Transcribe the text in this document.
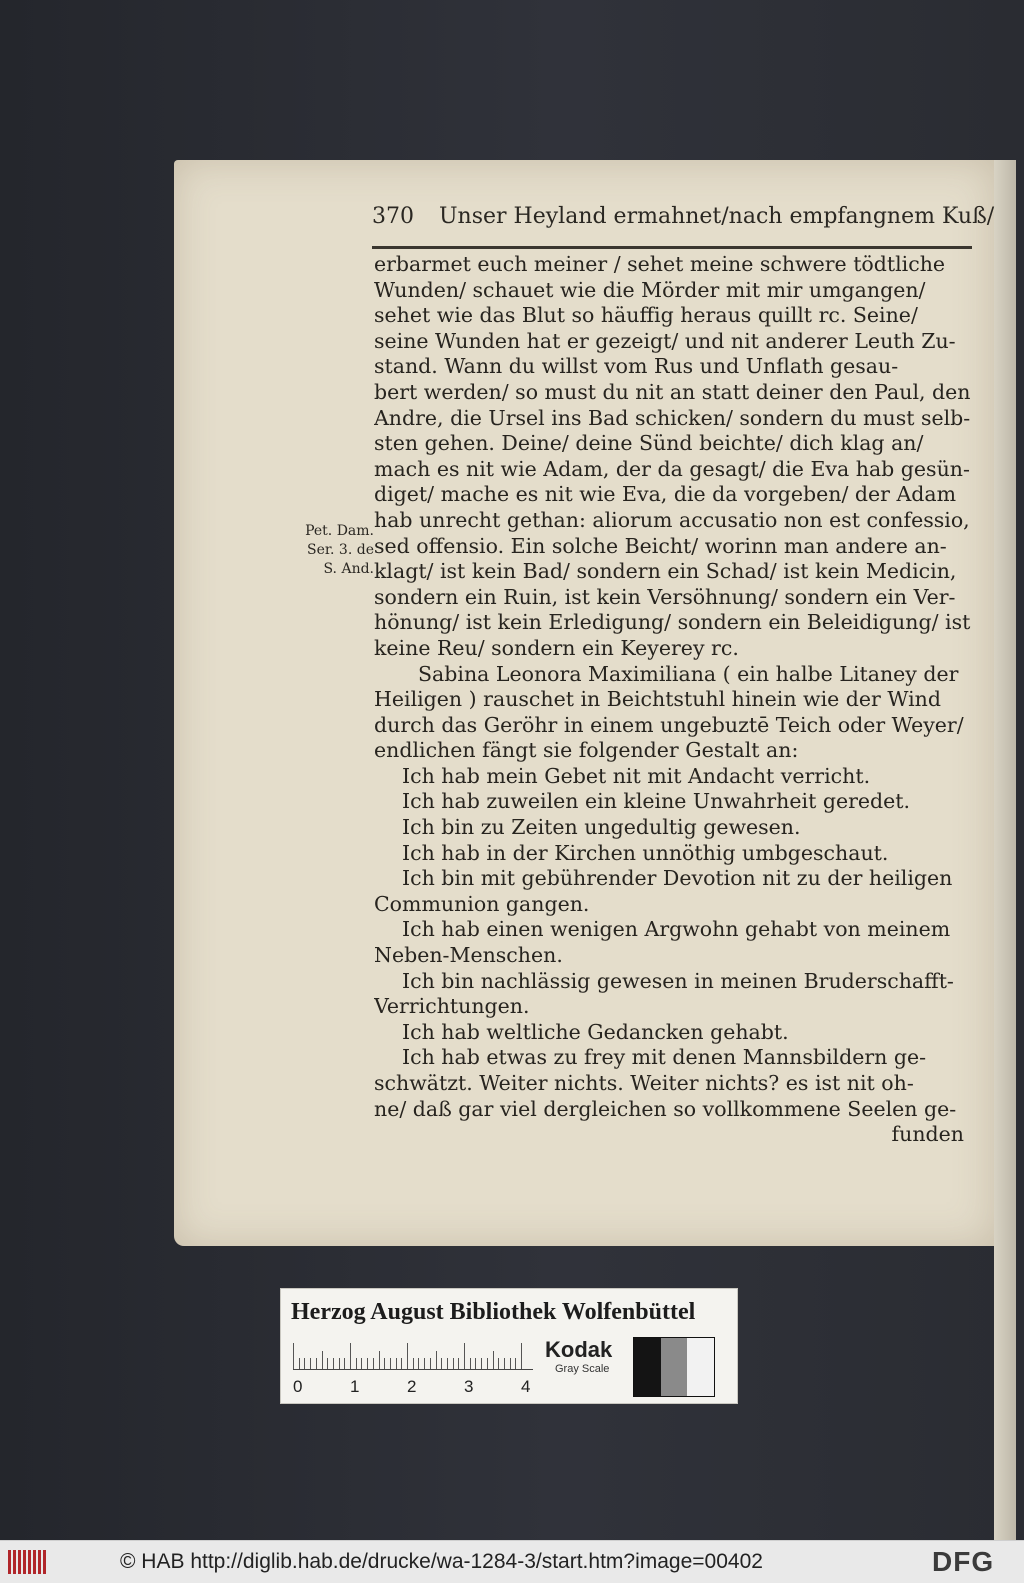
370 Unser Heyland ermahnet/nach empfangnem Kuß/
Pet. Dam.
Ser. 3. de
S. And.
erbarmet euch meiner / sehet meine schwere tödtliche
Wunden/ schauet wie die Mörder mit mir umgangen/
sehet wie das Blut so häuffig heraus quillt rc. Seine/
seine Wunden hat er gezeigt/ und nit anderer Leuth Zu-
stand. Wann du willst vom Rus und Unflath gesau-
bert werden/ so must du nit an statt deiner den Paul, den
Andre, die Ursel ins Bad schicken/ sondern du must selb-
sten gehen. Deine/ deine Sünd beichte/ dich klag an/
mach es nit wie Adam, der da gesagt/ die Eva hab gesün-
diget/ mache es nit wie Eva, die da vorgeben/ der Adam
hab unrecht gethan: aliorum accusatio non est confessio,
sed offensio. Ein solche Beicht/ worinn man andere an-
klagt/ ist kein Bad/ sondern ein Schad/ ist kein Medicin,
sondern ein Ruin, ist kein Versöhnung/ sondern ein Ver-
hönung/ ist kein Erledigung/ sondern ein Beleidigung/ ist
keine Reu/ sondern ein Keyerey rc.
Sabina Leonora Maximiliana ( ein halbe Litaney der
Heiligen ) rauschet in Beichtstuhl hinein wie der Wind
durch das Geröhr in einem ungebuztē Teich oder Weyer/
endlichen fängt sie folgender Gestalt an:
Ich hab mein Gebet nit mit Andacht verricht.
Ich hab zuweilen ein kleine Unwahrheit geredet.
Ich bin zu Zeiten ungedultig gewesen.
Ich hab in der Kirchen unnöthig umbgeschaut.
Ich bin mit gebührender Devotion nit zu der heiligen
Communion gangen.
Ich hab einen wenigen Argwohn gehabt von meinem
Neben-Menschen.
Ich bin nachlässig gewesen in meinen Bruderschafft-
Verrichtungen.
Ich hab weltliche Gedancken gehabt.
Ich hab etwas zu frey mit denen Mannsbildern ge-
schwätzt. Weiter nichts. Weiter nichts? es ist nit oh-
ne/ daß gar viel dergleichen so vollkommene Seelen ge-
funden
Herzog August Bibliothek Wolfenbüttel
0	1	2	3	4
Kodak
Gray Scale
© HAB http://diglib.hab.de/drucke/wa-1284-3/start.htm?image=00402	DFG
